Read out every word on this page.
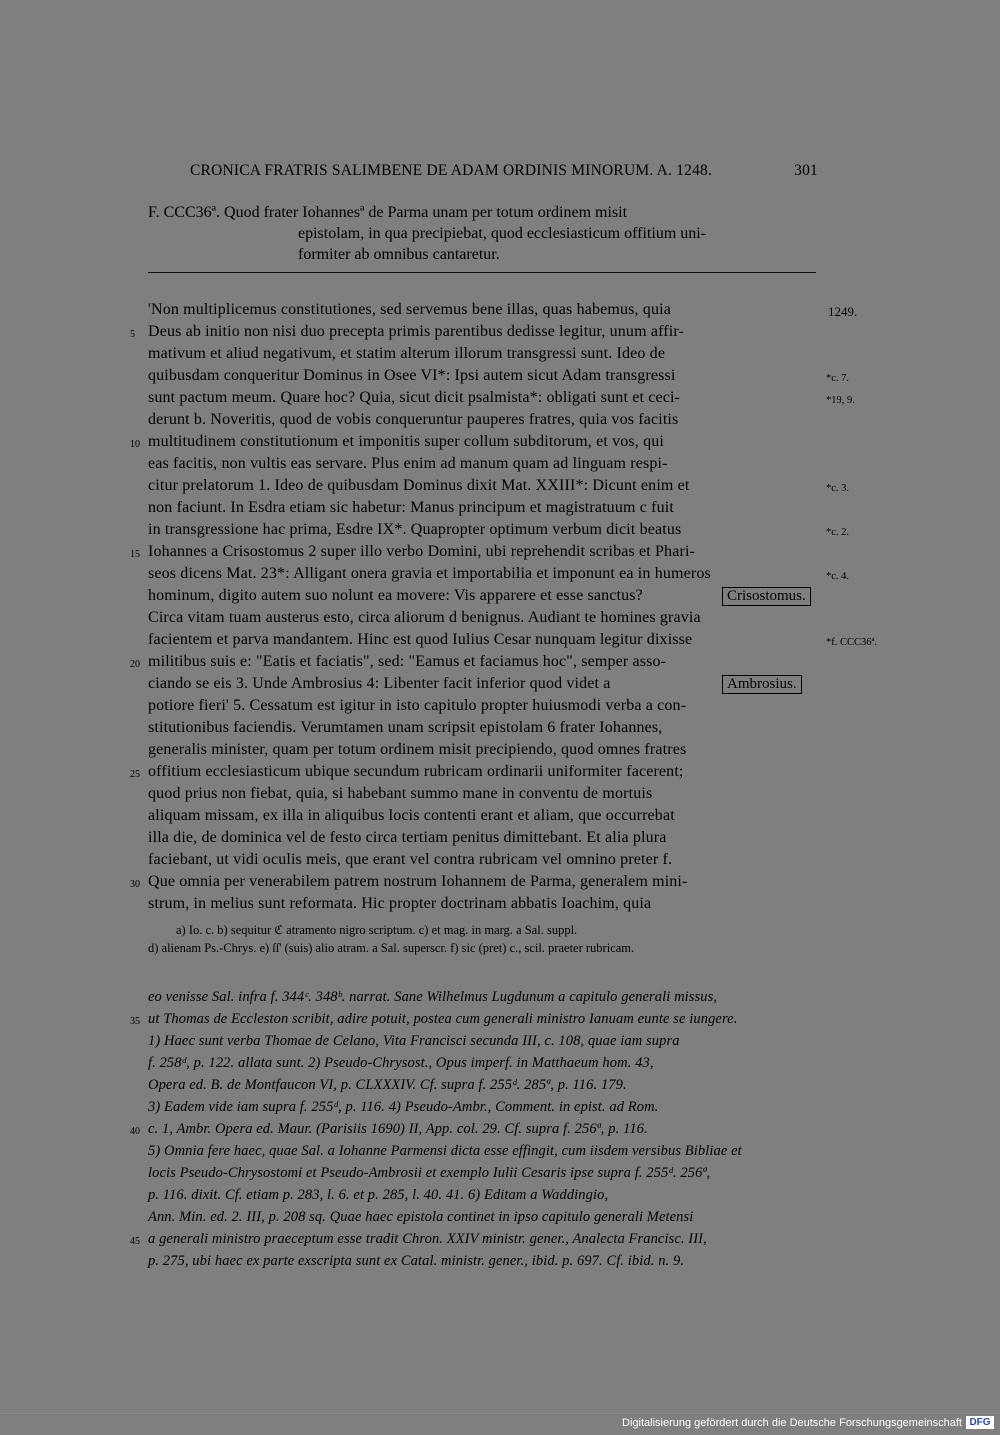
CRONICA FRATRIS SALIMBENE DE ADAM ORDINIS MINORUM. A. 1248.	301
F. CCC36ª. Quod frater Iohannesª de Parma unam per totum ordinem misit
epistolam, in qua precipiebat, quod ecclesiasticum offitium uni-
formiter ab omnibus cantaretur.
'Non multiplicemus constitutiones, sed servemus bene illas, quas habemus, quia
Deus ab initio non nisi duo precepta primis parentibus dedisse legitur, unum affir-
mativum et aliud negativum, et statim alterum illorum transgressi sunt. Ideo de
quibusdam conqueritur Dominus in Osee VI*: Ipsi autem sicut Adam transgressi
sunt pactum meum. Quare hoc? Quia, sicut dicit psalmista*: obligati sunt et ceci-
derunt b. Noveritis, quod de vobis conqueruntur pauperes fratres, quia vos facitis
multitudinem constitutionum et imponitis super collum subditorum, et vos, qui
eas facitis, non vultis eas servare. Plus enim ad manum quam ad linguam respi-
citur prelatorum 1. Ideo de quibusdam Dominus dixit Mat. XXIII*: Dicunt enim et
non faciunt. In Esdra etiam sic habetur: Manus principum et magistratuum c fuit
in transgressione hac prima, Esdre IX*. Quapropter optimum verbum dicit beatus
Iohannes a Crisostomus 2 super illo verbo Domini, ubi reprehendit scribas et Phari-
seos dicens Mat. 23*: Alligant onera gravia et importabilia et imponunt ea in humeros
hominum, digito autem suo nolunt ea movere: Vis apparere et esse sanctus?
Circa vitam tuam austerus esto, circa aliorum d benignus. Audiant te homines gravia
facientem et parva mandantem. Hinc est quod Iulius Cesar nunquam legitur dixisse
militibus suis e: "Eatis et faciatis", sed: "Eamus et faciamus hoc", semper asso-
ciando se eis 3. Unde Ambrosius 4: Libenter facit inferior quod videt a
potiore fieri' 5. Cessatum est igitur in isto capitulo propter huiusmodi verba a con-
stitutionibus faciendis. Verumtamen unam scripsit epistolam 6 frater Iohannes,
generalis minister, quam per totum ordinem misit precipiendo, quod omnes fratres
offitium ecclesiasticum ubique secundum rubricam ordinarii uniformiter facerent;
quod prius non fiebat, quia, si habebant summo mane in conventu de mortuis
aliquam missam, ex illa in aliquibus locis contenti erant et aliam, que occurrebat
illa die, de dominica vel de festo circa tertiam penitus dimittebant. Et alia plura
faciebant, ut vidi oculis meis, que erant vel contra rubricam vel omnino preter f.
Que omnia per venerabilem patrem nostrum Iohannem de Parma, generalem mini-
strum, in melius sunt reformata. Hic propter doctrinam abbatis Ioachim, quia
5
10
15
20
25
30
1249.
*c. 7.
*19, 9.
*c. 3.
*c. 2.
*c. 4.
*f. CCC36ª.
Crisostomus.
Ambrosius.
a) Io. c. b) sequitur ℭ atramento nigro scriptum. c) et mag. in marg. a Sal. suppl.
d) alienam Ps.-Chrys. e) ſſ' (suis) alio atram. a Sal. superscr. f) sic (pret) c., scil. praeter rubricam.
eo venisse Sal. infra f. 344ᶜ. 348ᵇ. narrat. Sane Wilhelmus Lugdunum a capitulo generali missus,
ut Thomas de Eccleston scribit, adire potuit, postea cum generali ministro Ianuam eunte se iungere.
1) Haec sunt verba Thomae de Celano, Vita Francisci secunda III, c. 108, quae iam supra
f. 258ᵈ, p. 122. allata sunt. 2) Pseudo-Chrysost., Opus imperf. in Matthaeum hom. 43,
Opera ed. B. de Montfaucon VI, p. CLXXXIV. Cf. supra f. 255ᵈ. 285ª, p. 116. 179.
3) Eadem vide iam supra f. 255ᵈ, p. 116. 4) Pseudo-Ambr., Comment. in epist. ad Rom.
c. 1, Ambr. Opera ed. Maur. (Parisiis 1690) II, App. col. 29. Cf. supra f. 256ª, p. 116.
5) Omnia fere haec, quae Sal. a Iohanne Parmensi dicta esse effingit, cum iisdem versibus Bibliae et
locis Pseudo-Chrysostomi et Pseudo-Ambrosii et exemplo Iulii Cesaris ipse supra f. 255ᵈ. 256ª,
p. 116. dixit. Cf. etiam p. 283, l. 6. et p. 285, l. 40. 41. 6) Editam a Waddingio,
Ann. Min. ed. 2. III, p. 208 sq. Quae haec epistola continet in ipso capitulo generali Metensi
a generali ministro praeceptum esse tradit Chron. XXIV ministr. gener., Analecta Francisc. III,
p. 275, ubi haec ex parte exscripta sunt ex Catal. ministr. gener., ibid. p. 697. Cf. ibid. n. 9.
35
40
45
Digitalisierung gefördert durch die Deutsche Forschungsgemeinschaft DFG
